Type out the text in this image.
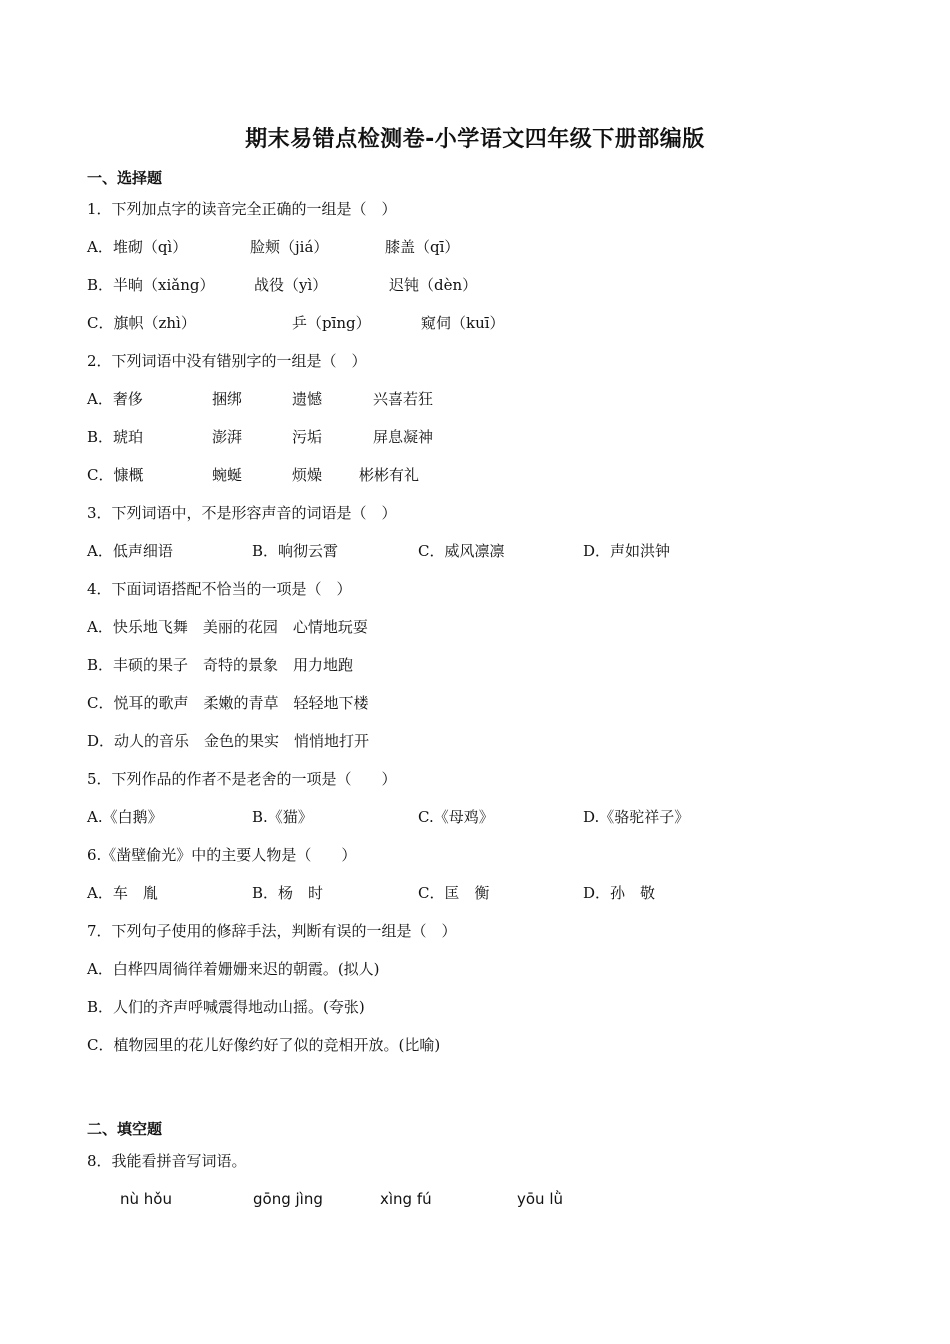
期末易错点检测卷-小学语文四年级下册部编版
一、选择题
1．下列加点字的读音完全正确的一组是（　）
A．堆砌（qì）	脸颊（jiá）	膝盖（qī）
B．半晌（xiǎng）	战役（yì）	迟钝（dèn）
C．旗帜（zhì）	乒（pīng）	窥伺（kuī）
2．下列词语中没有错别字的一组是（　）
A．奢侈	捆绑	遗憾	兴喜若狂
B．琥珀	澎湃	污垢	屏息凝神
C．慷概	蜿蜒	烦燥 彬彬有礼
3．下列词语中，不是形容声音的词语是（　）
A．低声细语	B．响彻云霄	C．威风凛凛	D．声如洪钟
4．下面词语搭配不恰当的一项是（　）
A．快乐地飞舞　美丽的花园　心情地玩耍
B．丰硕的果子　奇特的景象　用力地跑
C．悦耳的歌声　柔嫩的青草　轻轻地下楼
D．动人的音乐　金色的果实　悄悄地打开
5．下列作品的作者不是老舍的一项是（　　）
A.《白鹅》	B.《猫》	C.《母鸡》	D.《骆驼祥子》
6.《凿壁偷光》中的主要人物是（　　）
A．车　胤	B．杨　时	C．匡　衡	D．孙　敬
7．下列句子使用的修辞手法，判断有误的一组是（　）
A．白桦四周徜徉着姗姗来迟的朝霞。(拟人)
B．人们的齐声呼喊震得地动山摇。(夸张)
C．植物园里的花儿好像约好了似的竞相开放。(比喻)
二、填空题
8．我能看拼音写词语。
nù hǒu	gōng jìng	xìng fú	yōu lǜ
